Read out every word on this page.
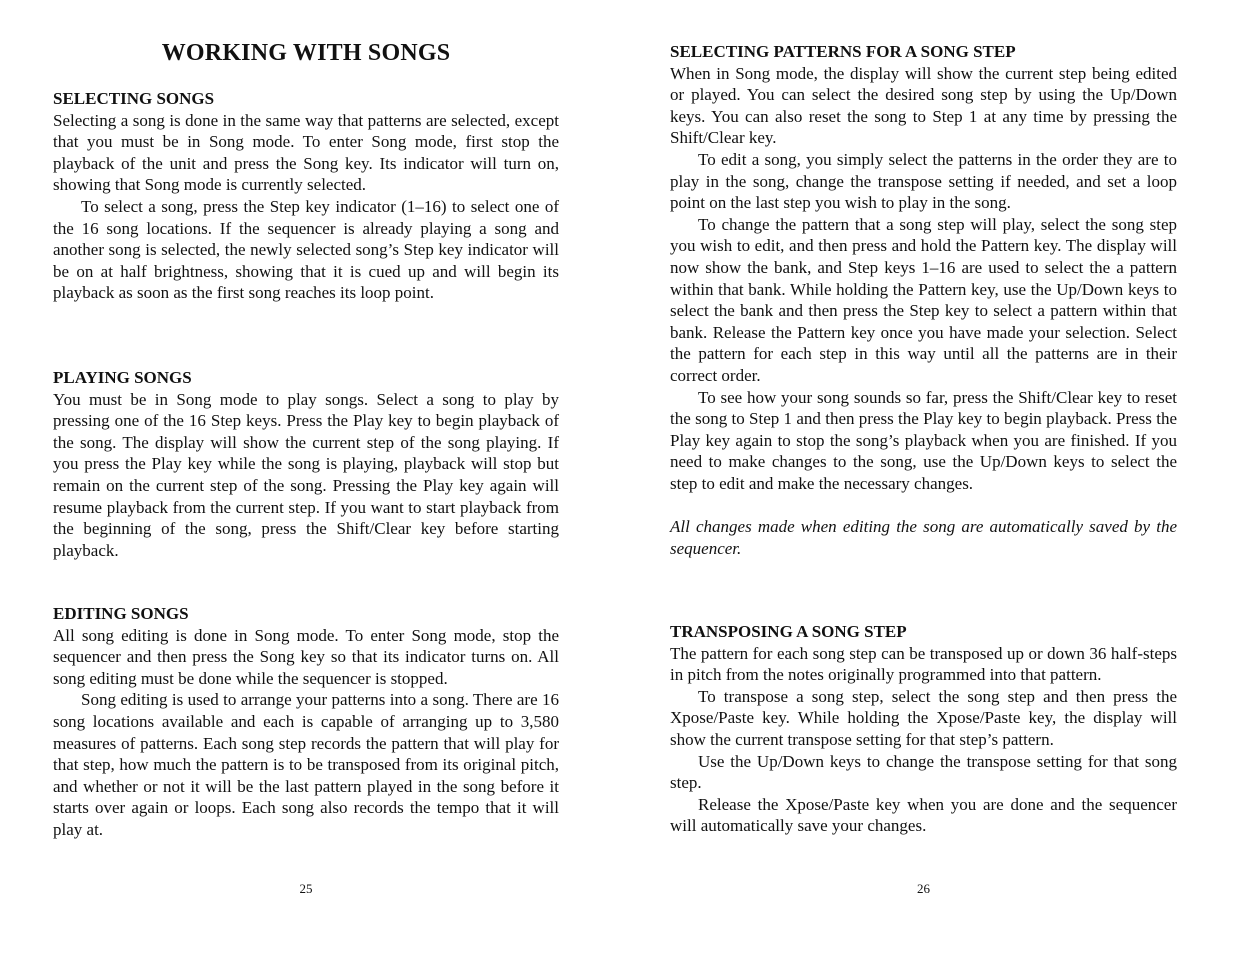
WORKING WITH SONGS
SELECTING SONGS

Selecting a song is done in the same way that patterns are selected, except that you must be in Song mode. To enter Song mode, first stop the playback of the unit and press the Song key. Its indicator will turn on, showing that Song mode is currently selected.

To select a song, press the Step key indicator (1–16) to select one of the 16 song locations. If the sequencer is already playing a song and another song is selected, the newly selected song’s Step key indicator will be on at half brightness, showing that it is cued up and will begin its playback as soon as the first song reaches its loop point.

PLAYING SONGS

You must be in Song mode to play songs. Select a song to play by pressing one of the 16 Step keys. Press the Play key to begin playback of the song. The display will show the current step of the song playing. If you press the Play key while the song is playing, playback will stop but remain on the current step of the song. Pressing the Play key again will resume playback from the current step. If you want to start playback from the beginning of the song, press the Shift/Clear key before starting playback.

EDITING SONGS

All song editing is done in Song mode. To enter Song mode, stop the sequencer and then press the Song key so that its indicator turns on. All song editing must be done while the sequencer is stopped.

Song editing is used to arrange your patterns into a song. There are 16 song locations available and each is capable of arranging up to 3,580 measures of patterns. Each song step records the pattern that will play for that step, how much the pattern is to be transposed from its original pitch, and whether or not it will be the last pattern played in the song before it starts over again or loops. Each song also records the tempo that it will play at.

25
SELECTING PATTERNS FOR A SONG STEP

When in Song mode, the display will show the current step being edited or played. You can select the desired song step by using the Up/Down keys. You can also reset the song to Step 1 at any time by pressing the Shift/Clear key.

To edit a song, you simply select the patterns in the order they are to play in the song, change the transpose setting if needed, and set a loop point on the last step you wish to play in the song.

To change the pattern that a song step will play, select the song step you wish to edit, and then press and hold the Pattern key. The display will now show the bank, and Step keys 1–16 are used to select the a pattern within that bank. While holding the Pattern key, use the Up/Down keys to select the bank and then press the Step key to select a pattern within that bank. Release the Pattern key once you have made your selection. Select the pattern for each step in this way until all the patterns are in their correct order.

To see how your song sounds so far, press the Shift/Clear key to reset the song to Step 1 and then press the Play key to begin playback. Press the Play key again to stop the song’s playback when you are finished. If you need to make changes to the song, use the Up/Down keys to select the step to edit and make the necessary changes.

All changes made when editing the song are automatically saved by the sequencer.

TRANSPOSING A SONG STEP

The pattern for each song step can be transposed up or down 36 half-steps in pitch from the notes originally programmed into that pattern.

To transpose a song step, select the song step and then press the Xpose/Paste key. While holding the Xpose/Paste key, the display will show the current transpose setting for that step’s pattern.

Use the Up/Down keys to change the transpose setting for that song step.

Release the Xpose/Paste key when you are done and the sequencer will automatically save your changes.

26
